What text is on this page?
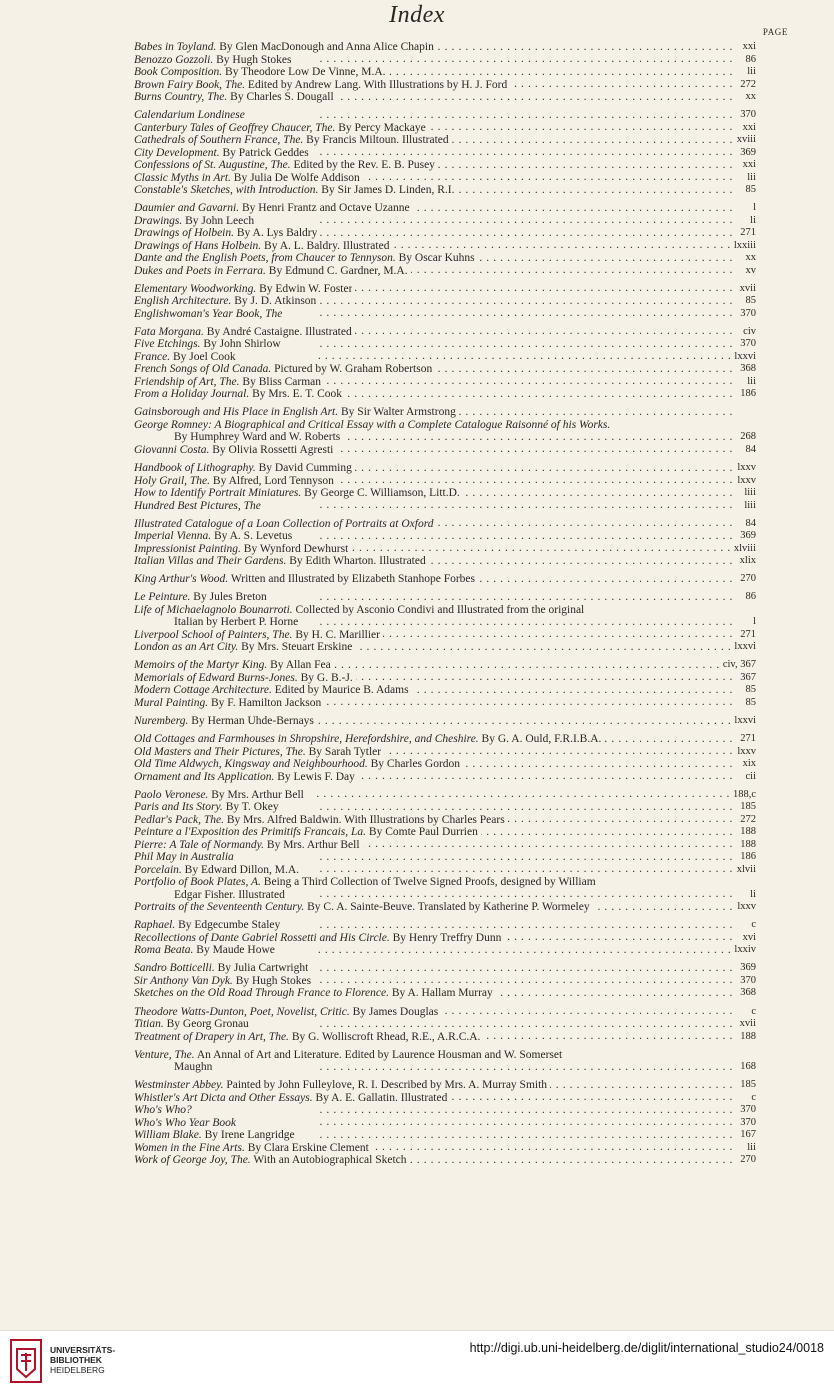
Index
PAGE
Babes in Toyland. By Glen MacDonough and Anna Alice Chapin . .	xxi
Benozzo Gozzoli. By Hugh Stokes . .	86
Book Composition. By Theodore Low De Vinne, M.A. . .	lii
Brown Fairy Book, The. Edited by Andrew Lang. With Illustrations by H. J. Ford . .	272
Burns Country, The. By Charles S. Dougall . .	xx
Calendarium Londinese . .	370
Canterbury Tales of Geoffrey Chaucer, The. By Percy Mackaye . .	xxi
Cathedrals of Southern France, The. By Francis Miltoun. Illustrated . .	xviii
City Development. By Patrick Geddes . .	369
Confessions of St. Augustine, The. Edited by the Rev. E. B. Pusey . .	xxi
Classic Myths in Art. By Julia De Wolfe Addison . .	lii
Constable's Sketches, with Introduction. By Sir James D. Linden, R.I. . .	85
Daumier and Gavarni. By Henri Frantz and Octave Uzanne . .	l
Drawings. By John Leech . .	li
Drawings of Holbein. By A. Lys Baldry . .	271
Drawings of Hans Holbein. By A. L. Baldry. Illustrated . .	lxxiii
Dante and the English Poets, from Chaucer to Tennyson. By Oscar Kuhns . .	xx
Dukes and Poets in Ferrara. By Edmund C. Gardner, M.A. . .	xv
Elementary Woodworking. By Edwin W. Foster . .	xvii
English Architecture. By J. D. Atkinson . .	85
Englishwoman's Year Book, The . .	370
Fata Morgana. By André Castaigne. Illustrated . .	civ
Five Etchings. By John Shirlow . .	370
France. By Joel Cook . .	lxxvi
French Songs of Old Canada. Pictured by W. Graham Robertson . .	368
Friendship of Art, The. By Bliss Carman . .	lii
From a Holiday Journal. By Mrs. E. T. Cook . .	186
Gainsborough and His Place in English Art. By Sir Walter Armstrong
. .
George Romney: A Biographical and Critical Essay with a Complete Catalogue Raisonné of his Works.
By Humphrey Ward and W. Roberts . .	268
Giovanni Costa. By Olivia Rossetti Agresti . .	84
Handbook of Lithography. By David Cumming . .	lxxv
Holy Grail, The. By Alfred, Lord Tennyson . .	lxxv
How to Identify Portrait Miniatures. By George C. Williamson, Litt.D. . .	liii
Hundred Best Pictures, The . .	liii
Illustrated Catalogue of a Loan Collection of Portraits at Oxford . .	84
Imperial Vienna. By A. S. Levetus . .	369
Impressionist Painting. By Wynford Dewhurst . .	xlviii
Italian Villas and Their Gardens. By Edith Wharton. Illustrated . .	xlix
King Arthur's Wood. Written and Illustrated by Elizabeth Stanhope Forbes . .	270
Le Peinture. By Jules Breton . .	86
Life of Michaelagnolo Bounarroti. Collected by Asconio Condivi and Illustrated from the original
Italian by Herbert P. Horne . .	l
Liverpool School of Painters, The. By H. C. Marillier . .	271
London as an Art City. By Mrs. Steuart Erskine . .	lxxvi
Memoirs of the Martyr King. By Allan Fea . .	civ, 367
Memorials of Edward Burns-Jones. By G. B.-J. . .	367
Modern Cottage Architecture. Edited by Maurice B. Adams . .	85
Mural Painting. By F. Hamilton Jackson . .	85
Nuremberg. By Herman Uhde-Bernays . .	lxxvi
Old Cottages and Farmhouses in Shropshire, Herefordshire, and Cheshire. By G. A. Ould, F.R.I.B.A. . .	271
Old Masters and Their Pictures, The. By Sarah Tytler . .	lxxv
Old Time Aldwych, Kingsway and Neighbourhood. By Charles Gordon . .	xix
Ornament and Its Application. By Lewis F. Day . .	cii
Paolo Veronese. By Mrs. Arthur Bell . .	188,c
Paris and Its Story. By T. Okey . .	185
Pedlar's Pack, The. By Mrs. Alfred Baldwin. With Illustrations by Charles Pears . .	272
Peinture a l'Exposition des Primitifs Francais, La. By Comte Paul Durrien . .	188
Pierre: A Tale of Normandy. By Mrs. Arthur Bell . .	188
Phil May in Australia . .	186
Porcelain. By Edward Dillon, M.A. . .	xlvii
Portfolio of Book Plates, A. Being a Third Collection of Twelve Signed Proofs, designed by William
Edgar Fisher. Illustrated . .	li
Portraits of the Seventeenth Century. By C. A. Sainte-Beuve. Translated by Katherine P. Wormeley . .	lxxv
Raphael. By Edgecumbe Staley . .	c
Recollections of Dante Gabriel Rossetti and His Circle. By Henry Treffry Dunn . .	xvi
Roma Beata. By Maude Howe . .	lxxiv
Sandro Botticelli. By Julia Cartwright . .	369
Sir Anthony Van Dyk. By Hugh Stokes . .	370
Sketches on the Old Road Through France to Florence. By A. Hallam Murray . .	368
Theodore Watts-Dunton, Poet, Novelist, Critic. By James Douglas . .	c
Titian. By Georg Gronau . .	xvii
Treatment of Drapery in Art, The. By G. Wolliscroft Rhead, R.E., A.R.C.A. . .	188
Venture, The. An Annal of Art and Literature. Edited by Laurence Housman and W. Somerset
Maughn . .	168
Westminster Abbey. Painted by John Fulleylove, R. I. Described by Mrs. A. Murray Smith . .	185
Whistler's Art Dicta and Other Essays. By A. E. Gallatin. Illustrated . .	c
Who's Who? . .	370
Who's Who Year Book . .	370
William Blake. By Irene Langridge . .	167
Women in the Fine Arts. By Clara Erskine Clement . .	lii
Work of George Joy, The. With an Autobiographical Sketch . .	270
UNIVERSITÄTS-
BIBLIOTHEK
HEIDELBERG
http://digi.ub.uni-heidelberg.de/diglit/international_studio24/0018
